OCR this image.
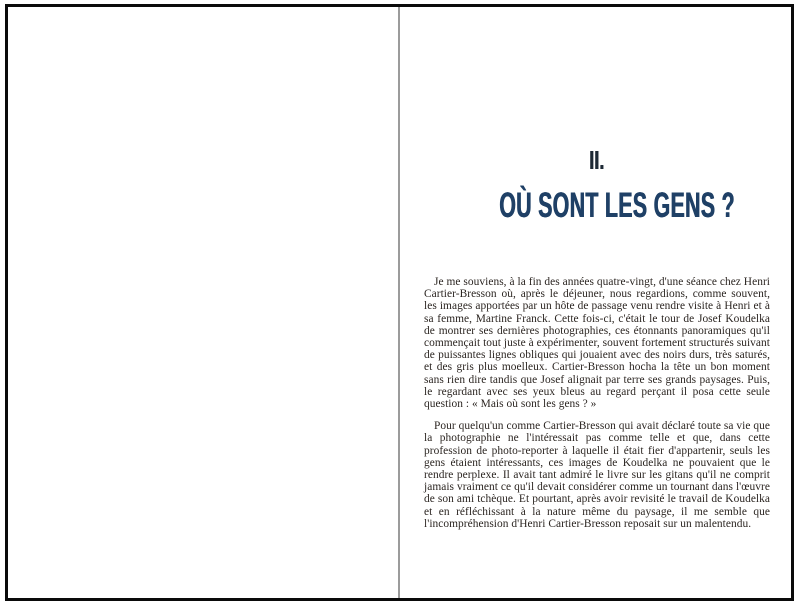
II.
OÙ SONT LES GENS ?

Je me souviens, à la fin des années quatre-vingt, d'une séance chez Henri Cartier-Bresson où, après le déjeuner, nous regardions, comme souvent, les images apportées par un hôte de passage venu rendre visite à Henri et à sa femme, Martine Franck. Cette fois-ci, c'était le tour de Josef Koudelka de montrer ses dernières photographies, ces étonnants panoramiques qu'il commençait tout juste à expérimenter, souvent fortement structurés suivant de puissantes lignes obliques qui jouaient avec des noirs durs, très saturés, et des gris plus moelleux. Cartier-Bresson hocha la tête un bon moment sans rien dire tandis que Josef alignait par terre ses grands paysages. Puis, le regardant avec ses yeux bleus au regard perçant il posa cette seule question : « Mais où sont les gens ? »

Pour quelqu'un comme Cartier-Bresson qui avait déclaré toute sa vie que la photographie ne l'intéressait pas comme telle et que, dans cette profession de photo-reporter à laquelle il était fier d'appartenir, seuls les gens étaient intéressants, ces images de Koudelka ne pouvaient que le rendre perplexe. Il avait tant admiré le livre sur les gitans qu'il ne comprit jamais vraiment ce qu'il devait considérer comme un tournant dans l'œuvre de son ami tchèque. Et pourtant, après avoir revisité le travail de Koudelka et en réfléchissant à la nature même du paysage, il me semble que l'incompréhension d'Henri Cartier-Bresson reposait sur un malentendu.
